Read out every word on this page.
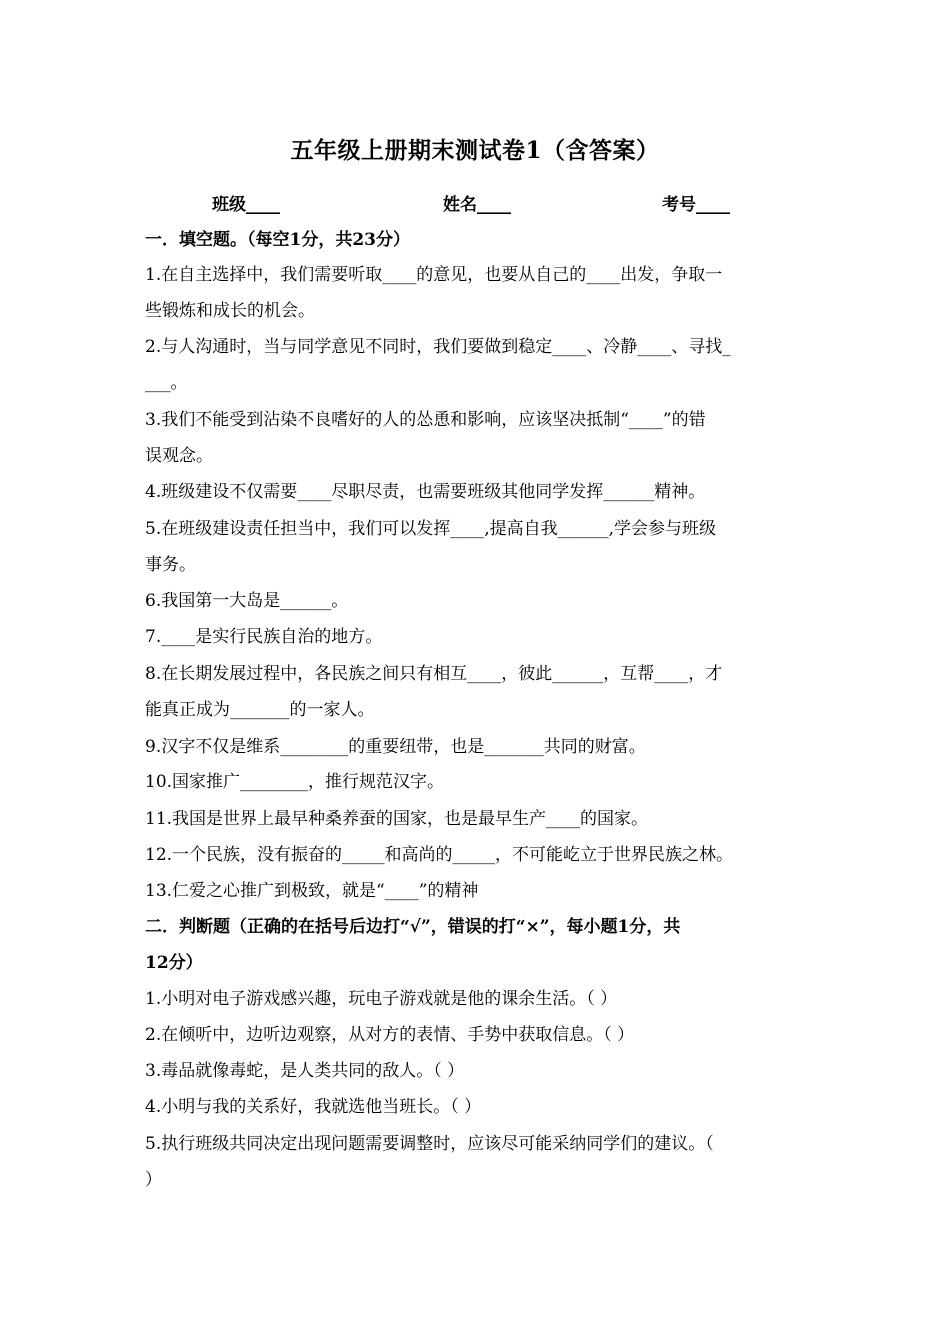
五年级上册期末测试卷1（含答案）
班级____	姓名____	考号____
一．填空题。（每空1分，共23分）
1.在自主选择中，我们需要听取____的意见，也要从自己的____出发，争取一
些锻炼和成长的机会。
2.与人沟通时，当与同学意见不同时，我们要做到稳定____、冷静____、寻找_
___。
3.我们不能受到沾染不良嗜好的人的怂恿和影响，应该坚决抵制“____”的错
误观念。
4.班级建设不仅需要____尽职尽责，也需要班级其他同学发挥______精神。
5.在班级建设责任担当中，我们可以发挥____,提高自我______,学会参与班级
事务。
6.我国第一大岛是______。
7.____是实行民族自治的地方。
8.在长期发展过程中，各民族之间只有相互____，彼此______，互帮____，才
能真正成为_______的一家人。
9.汉字不仅是维系________的重要纽带，也是_______共同的财富。
10.国家推广________，推行规范汉字。
11.我国是世界上最早种桑养蚕的国家，也是最早生产____的国家。
12.一个民族，没有振奋的_____和高尚的_____，不可能屹立于世界民族之林。
13.仁爱之心推广到极致，就是“____”的精神
二．判断题（正确的在括号后边打“√”，错误的打“×”，每小题1分，共
12分）
1.小明对电子游戏感兴趣，玩电子游戏就是他的课余生活。（ ）
2.在倾听中，边听边观察，从对方的表情、手势中获取信息。（ ）
3.毒品就像毒蛇，是人类共同的敌人。（ ）
4.小明与我的关系好，我就选他当班长。（ ）
5.执行班级共同决定出现问题需要调整时，应该尽可能采纳同学们的建议。（
）
